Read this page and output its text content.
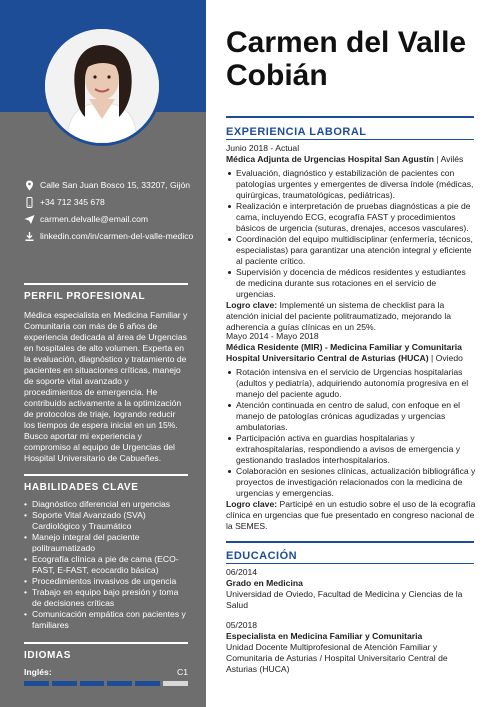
Calle San Juan Bosco 15, 33207, Gijón
+34 712 345 678
carmen.delvalle@email.com
linkedin.com/in/carmen-del-valle-medico
PERFIL PROFESIONAL
Médica especialista en Medicina Familiar y Comunitaria con más de 6 años de experiencia dedicada al área de Urgencias en hospitales de alto volumen. Experta en la evaluación, diagnóstico y tratamiento de pacientes en situaciones críticas, manejo de soporte vital avanzado y procedimientos de emergencia. He contribuido activamente a la optimización de protocolos de triaje, logrando reducir los tiempos de espera inicial en un 15%. Busco aportar mi experiencia y compromiso al equipo de Urgencias del Hospital Universitario de Cabueñes.
HABILIDADES CLAVE
• Diagnóstico diferencial en urgencias
• Soporte Vital Avanzado (SVA) Cardiológico y Traumático
• Manejo integral del paciente politraumatizado
• Ecografía clínica a pie de cama (ECO-FAST, E-FAST, ecocardio básica)
• Procedimientos invasivos de urgencia
• Trabajo en equipo bajo presión y toma de decisiones críticas
• Comunicación empática con pacientes y familiares
IDIOMAS
Inglés:	C1
Carmen del Valle Cobián
EXPERIENCIA LABORAL
Junio 2018 - Actual
Médica Adjunta de Urgencias Hospital San Agustín | Avilés
Evaluación, diagnóstico y estabilización de pacientes con patologías urgentes y emergentes de diversa índole (médicas, quirúrgicas, traumatológicas, pediátricas).
Realización e interpretación de pruebas diagnósticas a pie de cama, incluyendo ECG, ecografía FAST y procedimientos básicos de urgencia (suturas, drenajes, accesos vasculares).
Coordinación del equipo multidisciplinar (enfermería, técnicos, especialistas) para garantizar una atención integral y eficiente al paciente crítico.
Supervisión y docencia de médicos residentes y estudiantes de medicina durante sus rotaciones en el servicio de urgencias.
Logro clave: Implementé un sistema de checklist para la atención inicial del paciente politraumatizado, mejorando la adherencia a guías clínicas en un 25%.
Mayo 2014 - Mayo 2018
Médica Residente (MIR) - Medicina Familiar y Comunitaria Hospital Universitario Central de Asturias (HUCA) | Oviedo
Rotación intensiva en el servicio de Urgencias hospitalarias (adultos y pediatría), adquiriendo autonomía progresiva en el manejo del paciente agudo.
Atención continuada en centro de salud, con enfoque en el manejo de patologías crónicas agudizadas y urgencias ambulatorias.
Participación activa en guardias hospitalarias y extrahospitalarias, respondiendo a avisos de emergencia y gestionando traslados interhospitalarios.
Colaboración en sesiones clínicas, actualización bibliográfica y proyectos de investigación relacionados con la medicina de urgencias y emergencias.
Logro clave: Participé en un estudio sobre el uso de la ecografía clínica en urgencias que fue presentado en congreso nacional de la SEMES.
EDUCACIÓN
06/2014
Grado en Medicina
Universidad de Oviedo, Facultad de Medicina y Ciencias de la Salud
05/2018
Especialista en Medicina Familiar y Comunitaria
Unidad Docente Multiprofesional de Atención Familiar y Comunitaria de Asturias / Hospital Universitario Central de Asturias (HUCA)
